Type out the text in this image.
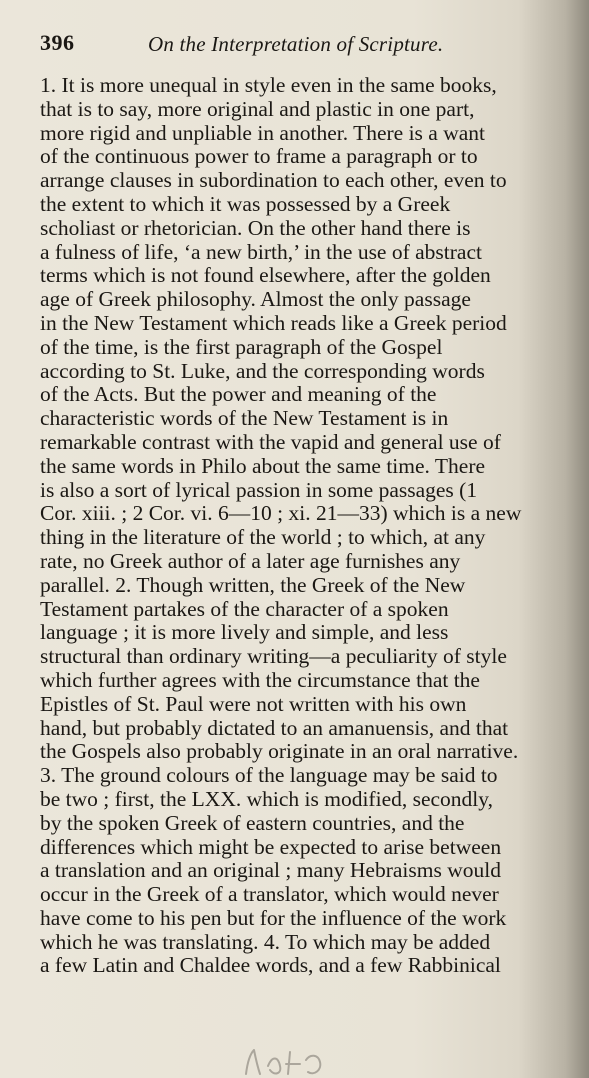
396	On the Interpretation of Scripture.
1. It is more unequal in style even in the same books,
that is to say, more original and plastic in one part,
more rigid and unpliable in another. There is a want
of the continuous power to frame a paragraph or to
arrange clauses in subordination to each other, even to
the extent to which it was possessed by a Greek
scholiast or rhetorician. On the other hand there is
a fulness of life, ‘a new birth,’ in the use of abstract
terms which is not found elsewhere, after the golden
age of Greek philosophy. Almost the only passage
in the New Testament which reads like a Greek period
of the time, is the first paragraph of the Gospel
according to St. Luke, and the corresponding words
of the Acts. But the power and meaning of the
characteristic words of the New Testament is in
remarkable contrast with the vapid and general use of
the same words in Philo about the same time. There
is also a sort of lyrical passion in some passages (1
Cor. xiii. ; 2 Cor. vi. 6—10 ; xi. 21—33) which is a new
thing in the literature of the world ; to which, at any
rate, no Greek author of a later age furnishes any
parallel. 2. Though written, the Greek of the New
Testament partakes of the character of a spoken
language ; it is more lively and simple, and less
structural than ordinary writing—a peculiarity of style
which further agrees with the circumstance that the
Epistles of St. Paul were not written with his own
hand, but probably dictated to an amanuensis, and that
the Gospels also probably originate in an oral narrative.
3. The ground colours of the language may be said to
be two ; first, the LXX. which is modified, secondly,
by the spoken Greek of eastern countries, and the
differences which might be expected to arise between
a translation and an original ; many Hebraisms would
occur in the Greek of a translator, which would never
have come to his pen but for the influence of the work
which he was translating. 4. To which may be added
a few Latin and Chaldee words, and a few Rabbinical
